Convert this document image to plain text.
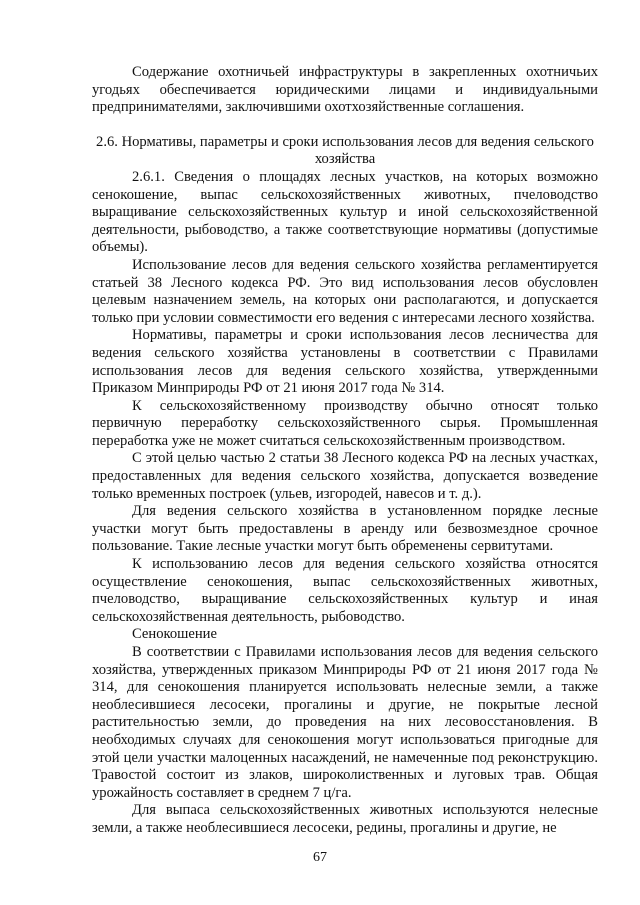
Содержание охотничьей инфраструктуры в закрепленных охотничьих угодьях обеспечивается юридическими лицами и индивидуальными предпринимателями, заключившими охотхозяйственные соглашения.

2.6. Нормативы, параметры и сроки использования лесов для ведения сельского хозяйства

2.6.1. Сведения о площадях лесных участков, на которых возможно сенокошение, выпас сельскохозяйственных животных, пчеловодство выращивание сельскохозяйственных культур и иной сельскохозяйственной деятельности, рыбоводство, а также соответствующие нормативы (допустимые объемы).

Использование лесов для ведения сельского хозяйства регламентируется статьей 38 Лесного кодекса РФ. Это вид использования лесов обусловлен целевым назначением земель, на которых они располагаются, и допускается только при условии совместимости его ведения с интересами лесного хозяйства.

Нормативы, параметры и сроки использования лесов лесничества для ведения сельского хозяйства установлены в соответствии с Правилами использования лесов для ведения сельского хозяйства, утвержденными Приказом Минприроды РФ от 21 июня 2017 года № 314.

К сельскохозяйственному производству обычно относят только первичную переработку сельскохозяйственного сырья. Промышленная переработка уже не может считаться сельскохозяйственным производством.

С этой целью частью 2 статьи 38 Лесного кодекса РФ на лесных участках, предоставленных для ведения сельского хозяйства, допускается возведение только временных построек (ульев, изгородей, навесов и т. д.).

Для ведения сельского хозяйства в установленном порядке лесные участки могут быть предоставлены в аренду или безвозмездное срочное пользование. Такие лесные участки могут быть обременены сервитутами.

К использованию лесов для ведения сельского хозяйства относятся осуществление сенокошения, выпас сельскохозяйственных животных, пчеловодство, выращивание сельскохозяйственных культур и иная сельскохозяйственная деятельность, рыбоводство.

Сенокошение

В соответствии с Правилами использования лесов для ведения сельского хозяйства, утвержденных приказом Минприроды РФ от 21 июня 2017 года № 314, для сенокошения планируется использовать нелесные земли, а также необлесившиеся лесосеки, прогалины и другие, не покрытые лесной растительностью земли, до проведения на них лесовосстановления. В необходимых случаях для сенокошения могут использоваться пригодные для этой цели участки малоценных насаждений, не намеченные под реконструкцию. Травостой состоит из злаков, широколиственных и луговых трав. Общая урожайность составляет в среднем 7 ц/га.

Для выпаса сельскохозяйственных животных используются нелесные земли, а также необлесившиеся лесосеки, редины, прогалины и другие, не

67
